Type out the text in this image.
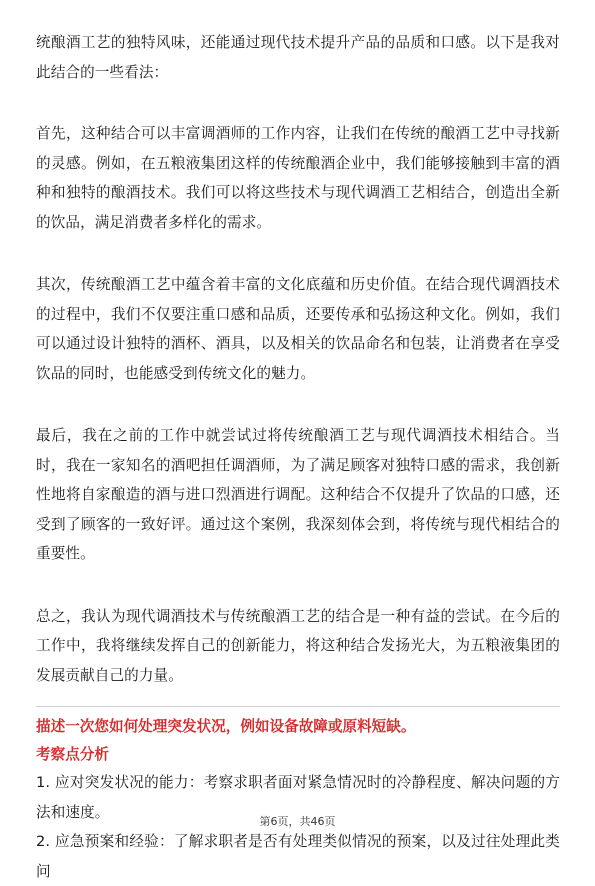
统酿酒工艺的独特风味，还能通过现代技术提升产品的品质和口感。以下是我对此结合的一些看法：

首先，这种结合可以丰富调酒师的工作内容，让我们在传统的酿酒工艺中寻找新的灵感。例如，在五粮液集团这样的传统酿酒企业中，我们能够接触到丰富的酒种和独特的酿酒技术。我们可以将这些技术与现代调酒工艺相结合，创造出全新的饮品，满足消费者多样化的需求。

其次，传统酿酒工艺中蕴含着丰富的文化底蕴和历史价值。在结合现代调酒技术的过程中，我们不仅要注重口感和品质，还要传承和弘扬这种文化。例如，我们可以通过设计独特的酒杯、酒具，以及相关的饮品命名和包装，让消费者在享受饮品的同时，也能感受到传统文化的魅力。

最后，我在之前的工作中就尝试过将传统酿酒工艺与现代调酒技术相结合。当时，我在一家知名的酒吧担任调酒师，为了满足顾客对独特口感的需求，我创新性地将自家酿造的酒与进口烈酒进行调配。这种结合不仅提升了饮品的口感，还受到了顾客的一致好评。通过这个案例，我深刻体会到，将传统与现代相结合的重要性。

总之，我认为现代调酒技术与传统酿酒工艺的结合是一种有益的尝试。在今后的工作中，我将继续发挥自己的创新能力，将这种结合发扬光大，为五粮液集团的发展贡献自己的力量。

描述一次您如何处理突发状况，例如设备故障或原料短缺。

考察点分析

1. 应对突发状况的能力：考察求职者面对紧急情况时的冷静程度、解决问题的方法和速度。

2. 应急预案和经验：了解求职者是否有处理类似情况的预案，以及过往处理此类问

第6页，共46页
